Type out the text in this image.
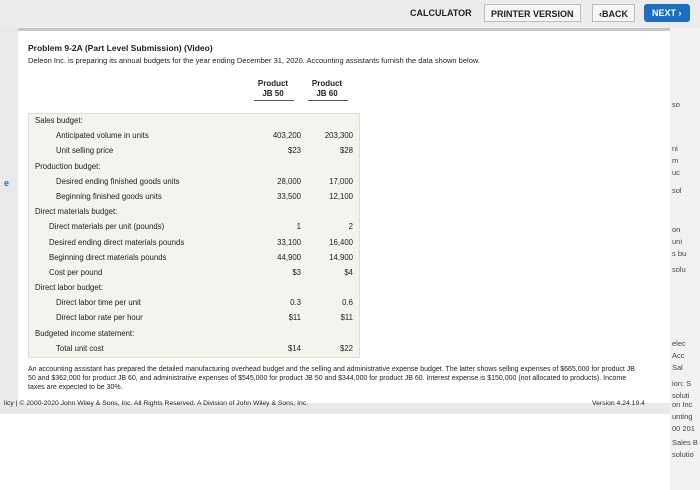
CALCULATOR	PRINTER VERSION	‹BACK	NEXT ›
e
Problem 9-2A (Part Level Submission) (Video)
Deleon Inc. is preparing its annual budgets for the year ending December 31, 2020. Accounting assistants furnish the data shown below.
Product
JB 50
Product
JB 60
Sales budget:
Anticipated volume in units	403,200	203,300
Unit selling price	$23	$28
Production budget:
Desired ending finished goods units	28,000	17,000
Beginning finished goods units	33,500	12,100
Direct materials budget:
Direct materials per unit (pounds)	1	2
Desired ending direct materials pounds	33,100	16,400
Beginning direct materials pounds	44,900	14,900
Cost per pound	$3	$4
Direct labor budget:
Direct labor time per unit	0.3	0.6
Direct labor rate per hour	$11	$11
Budgeted income statement:
Total unit cost	$14	$22
An accounting assistant has prepared the detailed manufacturing overhead budget and the selling and administrative expense budget. The latter shows selling expenses of $665,000 for product JB 50 and $362,000 for product JB 60, and administrative expenses of $545,000 for product JB 50 and $344,000 for product JB 60. Interest expense is $150,000 (not allocated to products). Income taxes are expected to be 30%.
licy | © 2000-2020 John Wiley & Sons, Inc. All Rights Reserved. A Division of John Wiley & Sons, Inc.	Version 4.24.19.4
so
ni
m
uc
sol
on
uni
s bu
solu
elec
Acc
Sal
ion: S
soluti
on Inc
unting
00 201
Sales B
solutio
